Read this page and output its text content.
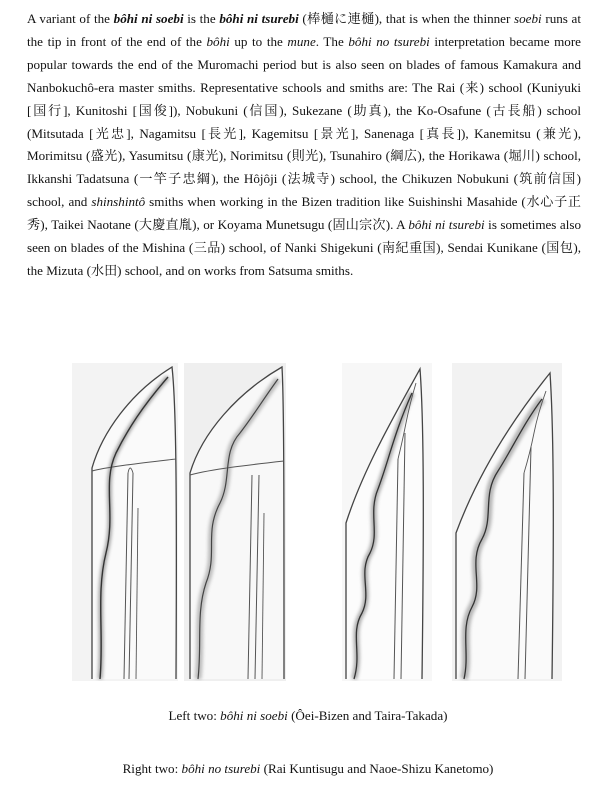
A variant of the bôhi ni soebi is the bôhi ni tsurebi (棒樋に連樋), that is when the thinner soebi runs at the tip in front of the end of the bôhi up to the mune. The bôhi no tsurebi interpretation became more popular towards the end of the Muromachi period but is also seen on blades of famous Kamakura and Nanbokuchô-era master smiths. Representative schools and smiths are: The Rai (来) school (Kuniyuki [国行], Kunitoshi [国俊]), Nobukuni (信国), Sukezane (助真), the Ko-Osafune (古長船) school (Mitsutada [光忠], Nagamitsu [長光], Kagemitsu [景光], Sanenaga [真長]), Kanemitsu (兼光), Morimitsu (盛光), Yasumitsu (康光), Norimitsu (則光), Tsunahiro (綱広), the Horikawa (堀川) school, Ikkanshi Tadatsuna (一竿子忠綱), the Hôjôji (法城寺) school, the Chikuzen Nobukuni (筑前信国) school, and shinshintô smiths when working in the Bizen tradition like Suishinshi Masahide (水心子正秀), Taikei Naotane (大慶直胤), or Koyama Munetsugu (固山宗次). A bôhi ni tsurebi is sometimes also seen on blades of the Mishina (三品) school, of Nanki Shigekuni (南紀重国), Sendai Kunikane (国包), the Mizuta (水田) school, and on works from Satsuma smiths.

Left two: bôhi ni soebi (Ôei-Bizen and Taira-Takada)

Right two: bôhi no tsurebi (Rai Kuntisugu and Naoe-Shizu Kanetomo)
